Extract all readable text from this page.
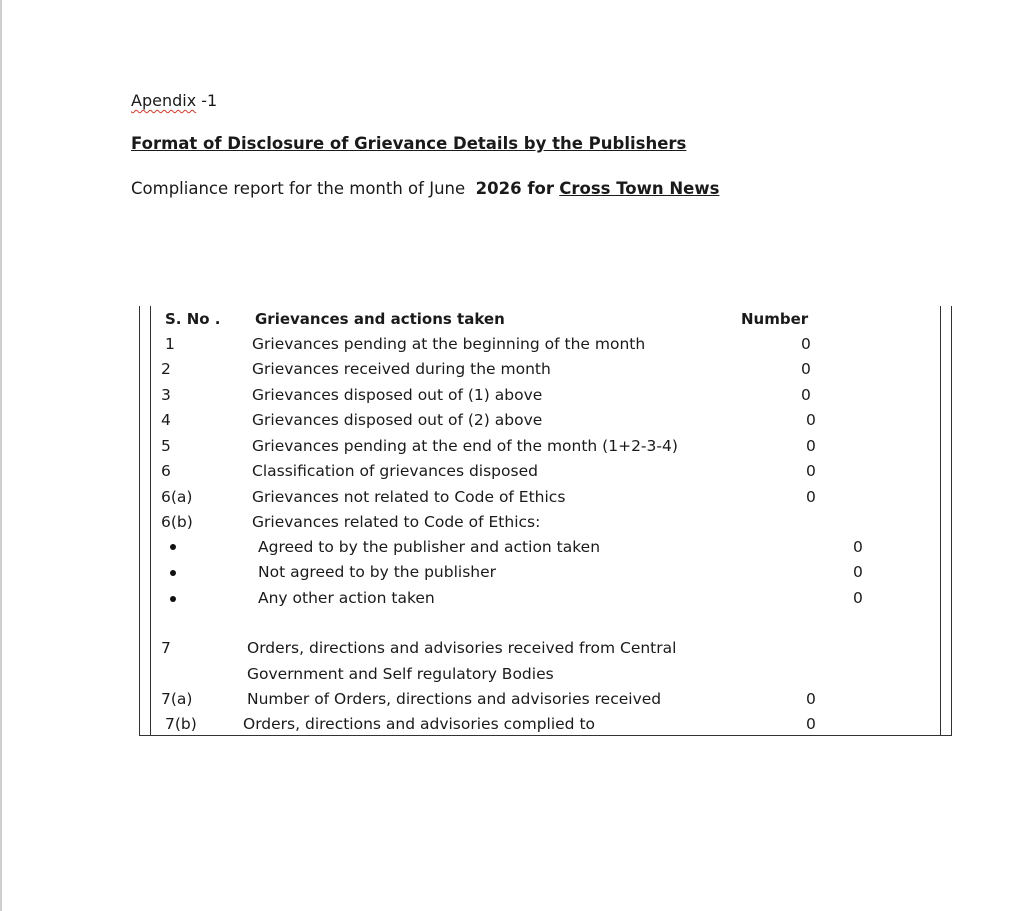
Apendix -1
Format of Disclosure of Grievance Details by the Publishers
Compliance report for the month of June 2026 for Cross Town News
S. No . Grievances and actions taken	Number
1	Grievances pending at the beginning of the month	0
2	Grievances received during the month	0
3	Grievances disposed out of (1) above	0
4	Grievances disposed out of (2) above	0
5	Grievances pending at the end of the month (1+2-3-4)	0
6	Classification of grievances disposed	0
6(a)	Grievances not related to Code of Ethics	0
6(b)	Grievances related to Code of Ethics:
Agreed to by the publisher and action taken	0
Not agreed to by the publisher	0
Any other action taken	0
7	Orders, directions and advisories received from Central
Government and Self regulatory Bodies
7(a)	Number of Orders, directions and advisories received	0
7(b)	Orders, directions and advisories complied to	0
